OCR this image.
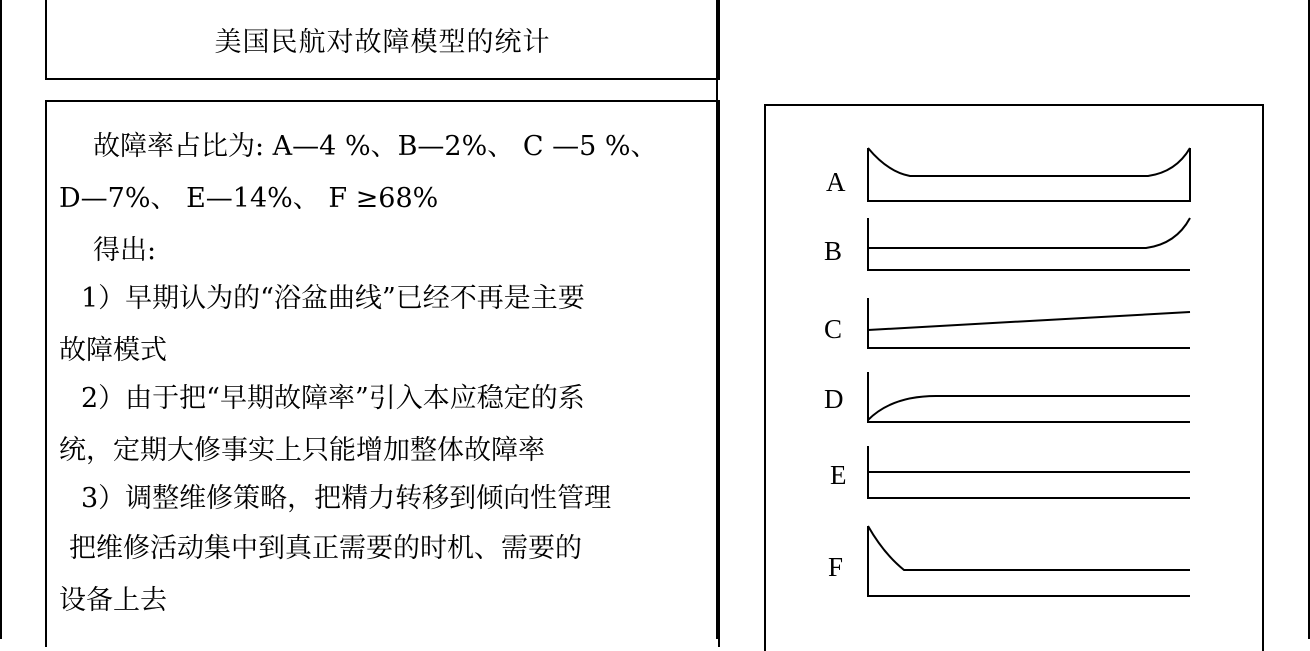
美国民航对故障模型的统计
故障率占比为: A—4 %、B—2%、 C —5 %、
D—7%、 E—14%、 F ≥68%
得出:
1）早期认为的“浴盆曲线”已经不再是主要
故障模式
2）由于把“早期故障率”引入本应稳定的系
统，定期大修事实上只能增加整体故障率
3）调整维修策略，把精力转移到倾向性管理
把维修活动集中到真正需要的时机、需要的
设备上去
A
B
C
D
E
F
